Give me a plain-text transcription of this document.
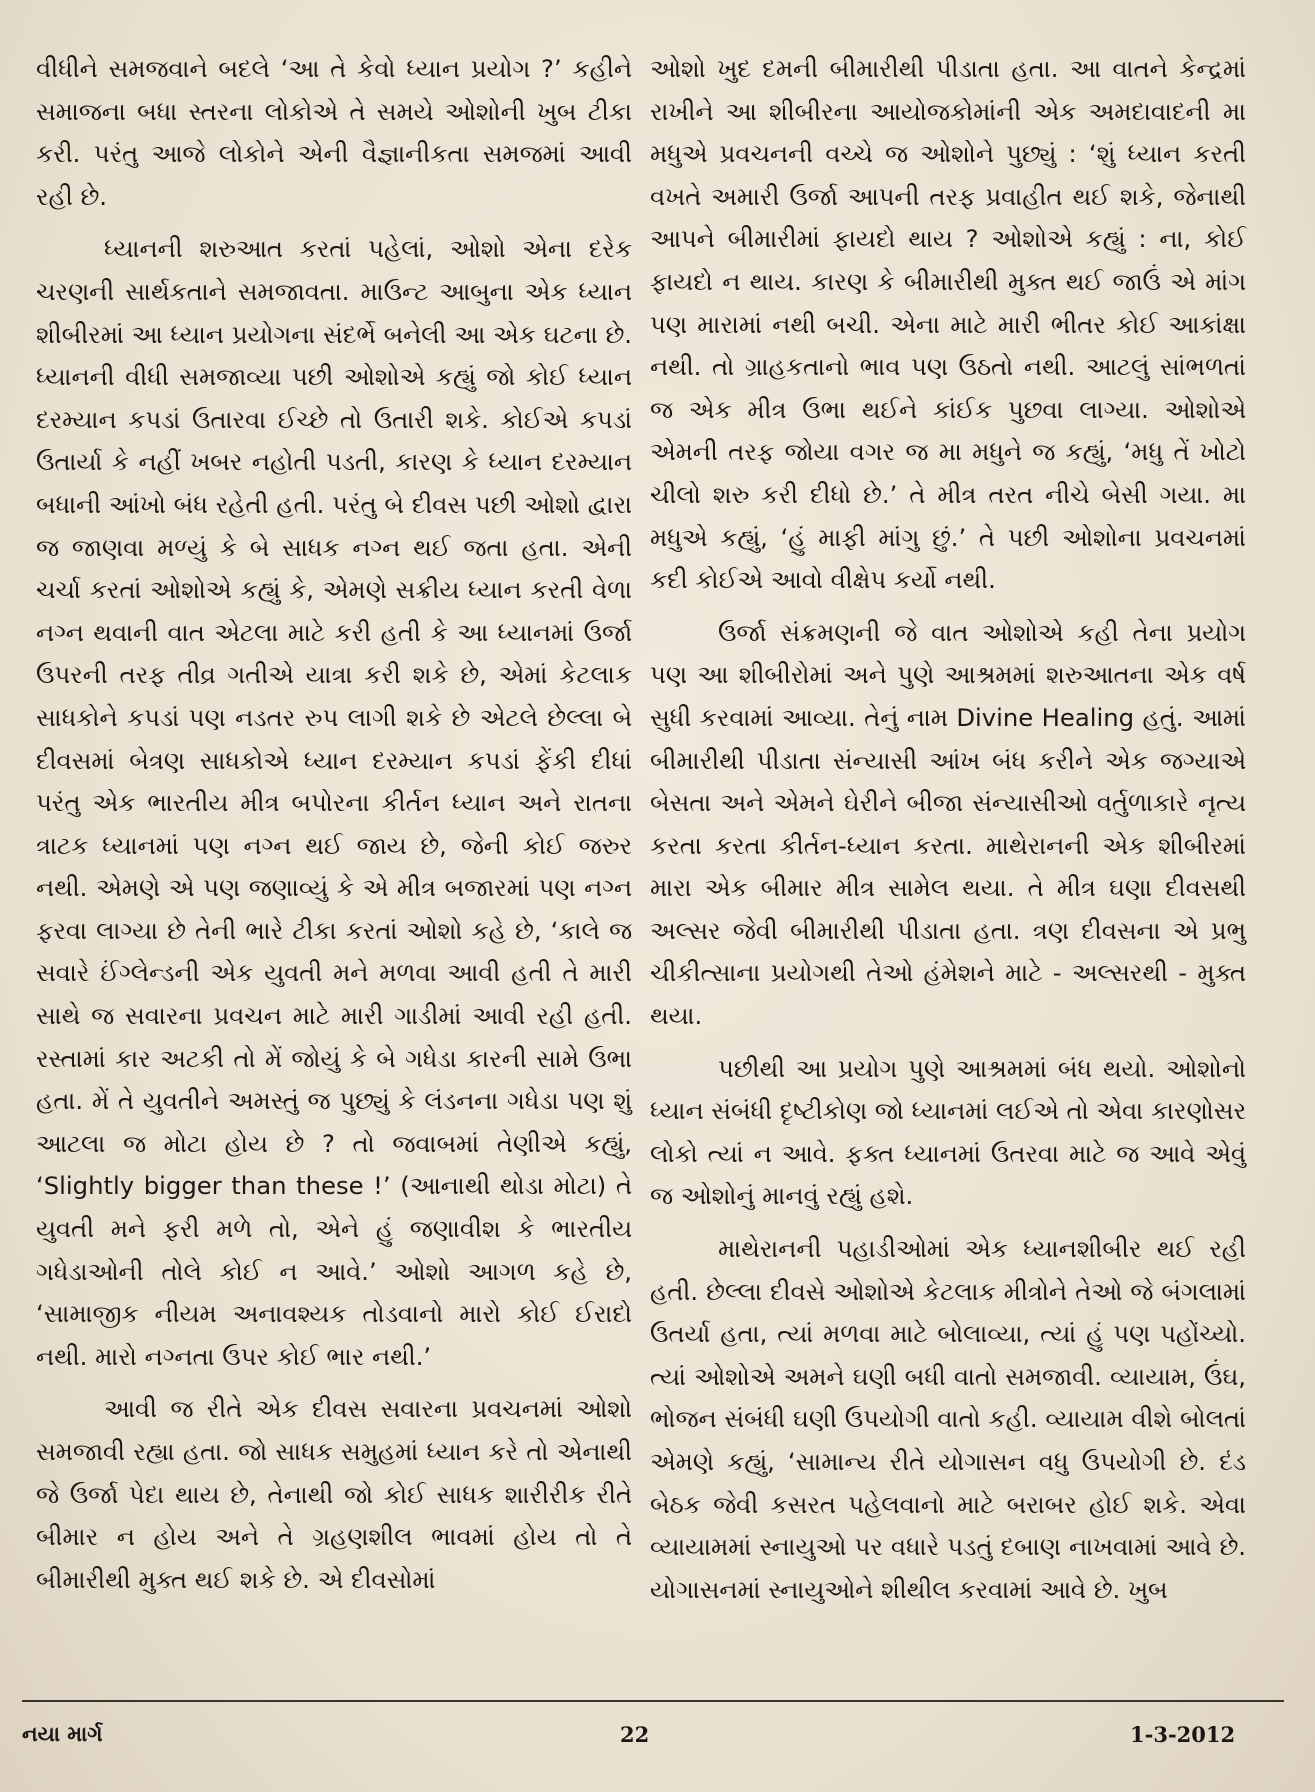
વીધીને સમજવાને બદલે ‘આ તે કેવો ધ્યાન પ્રયોગ ?’ કહીને સમાજના બધા સ્તરના લોકોએ તે સમયે ઓશોની ખુબ ટીકા કરી. પરંતુ આજે લોકોને એની વૈજ્ઞાનીકતા સમજમાં આવી રહી છે.

ધ્યાનની શરુઆત કરતાં પહેલાં, ઓશો એના દરેક ચરણની સાર્થકતાને સમજાવતા. માઉન્ટ આબુના એક ધ્યાન શીબીરમાં આ ધ્યાન પ્રયોગના સંદર્ભે બનેલી આ એક ઘટના છે. ધ્યાનની વીધી સમજાવ્યા પછી ઓશોએ કહ્યું જો કોઈ ધ્યાન દરમ્યાન કપડાં ઉતારવા ઈચ્છે તો ઉતારી શકે. કોઈએ કપડાં ઉતાર્યા કે નહીં ખબર નહોતી પડતી, કારણ કે ધ્યાન દરમ્યાન બધાની આંખો બંધ રહેતી હતી. પરંતુ બે દીવસ પછી ઓશો દ્વારા જ જાણવા મળ્યું કે બે સાધક નગ્ન થઈ જતા હતા. એની ચર્ચા કરતાં ઓશોએ કહ્યું કે, એમણે સક્રીય ધ્યાન કરતી વેળા નગ્ન થવાની વાત એટલા માટે કરી હતી કે આ ધ્યાનમાં ઉર્જા ઉપરની તરફ તીવ્ર ગતીએ યાત્રા કરી શકે છે, એમાં કેટલાક સાધકોને કપડાં પણ નડતર રુપ લાગી શકે છે એટલે છેલ્લા બે દીવસમાં બેત્રણ સાધકોએ ધ્યાન દરમ્યાન કપડાં ફેંકી દીધાં પરંતુ એક ભારતીય મીત્ર બપોરના કીર્તન ધ્યાન અને રાતના ત્રાટક ધ્યાનમાં પણ નગ્ન થઈ જાય છે, જેની કોઈ જરુર નથી. એમણે એ પણ જણાવ્યું કે એ મીત્ર બજારમાં પણ નગ્ન ફરવા લાગ્યા છે તેની ભારે ટીકા કરતાં ઓશો કહે છે, ‘કાલે જ સવારે ઈંગ્લેન્ડની એક યુવતી મને મળવા આવી હતી તે મારી સાથે જ સવારના પ્રવચન માટે મારી ગાડીમાં આવી રહી હતી. રસ્તામાં કાર અટકી તો મેં જોયું કે બે ગધેડા કારની સામે ઉભા હતા. મેં તે યુવતીને અમસ્તું જ પુછ્યું કે લંડનના ગધેડા પણ શું આટલા જ મોટા હોય છે ? તો જવાબમાં તેણીએ કહ્યું, ‘Slightly bigger than these !’ (આનાથી થોડા મોટા) તે યુવતી મને ફરી મળે તો, એને હું જણાવીશ કે ભારતીય ગધેડાઓની તોલે કોઈ ન આવે.’ ઓશો આગળ કહે છે, ‘સામાજીક નીયમ અનાવશ્યક તોડવાનો મારો કોઈ ઈરાદો નથી. મારો નગ્નતા ઉપર કોઈ ભાર નથી.’

આવી જ રીતે એક દીવસ સવારના પ્રવચનમાં ઓશો સમજાવી રહ્યા હતા. જો સાધક સમુહમાં ધ્યાન કરે તો એનાથી જે ઉર્જા પેદા થાય છે, તેનાથી જો કોઈ સાધક શારીરીક રીતે બીમાર ન હોય અને તે ગ્રહણશીલ ભાવમાં હોય તો તે બીમારીથી મુક્ત થઈ શકે છે. એ દીવસોમાં

ઓશો ખુદ દમની બીમારીથી પીડાતા હતા. આ વાતને કેન્દ્રમાં રાખીને આ શીબીરના આયોજકોમાંની એક અમદાવાદની મા મધુએ પ્રવચનની વચ્ચે જ ઓશોને પુછ્યું : ‘શું ધ્યાન કરતી વખતે અમારી ઉર્જા આપની તરફ પ્રવાહીત થઈ શકે, જેનાથી આપને બીમારીમાં ફાયદો થાય ? ઓશોએ કહ્યું : ના, કોઈ ફાયદો ન થાય. કારણ કે બીમારીથી મુક્ત થઈ જાઉં એ માંગ પણ મારામાં નથી બચી. એના માટે મારી ભીતર કોઈ આકાંક્ષા નથી. તો ગ્રાહકતાનો ભાવ પણ ઉઠતો નથી. આટલું સાંભળતાં જ એક મીત્ર ઉભા થઈને કાંઈક પુછવા લાગ્યા. ઓશોએ એમની તરફ જોયા વગર જ મા મધુને જ કહ્યું, ‘મધુ તેં ખોટો ચીલો શરુ કરી દીધો છે.’ તે મીત્ર તરત નીચે બેસી ગયા. મા મધુએ કહ્યું, ‘હું માફી માંગુ છું.’ તે પછી ઓશોના પ્રવચનમાં કદી કોઈએ આવો વીક્ષેપ કર્યો નથી.

ઉર્જા સંક્રમણની જે વાત ઓશોએ કહી તેના પ્રયોગ પણ આ શીબીરોમાં અને પુણે આશ્રમમાં શરુઆતના એક વર્ષ સુધી કરવામાં આવ્યા. તેનું નામ Divine Healing હતું. આમાં બીમારીથી પીડાતા સંન્યાસી આંખ બંધ કરીને એક જગ્યાએ બેસતા અને એમને ઘેરીને બીજા સંન્યાસીઓ વર્તુળાકારે નૃત્ય કરતા કરતા કીર્તન-ધ્યાન કરતા. માથેરાનની એક શીબીરમાં મારા એક બીમાર મીત્ર સામેલ થયા. તે મીત્ર ઘણા દીવસથી અલ્સર જેવી બીમારીથી પીડાતા હતા. ત્રણ દીવસના એ પ્રભુ ચીકીત્સાના પ્રયોગથી તેઓ હંમેશને માટે - અલ્સરથી - મુક્ત થયા.

પછીથી આ પ્રયોગ પુણે આશ્રમમાં બંધ થયો. ઓશોનો ધ્યાન સંબંધી દૃષ્ટીકોણ જો ધ્યાનમાં લઈએ તો એવા કારણોસર લોકો ત્યાં ન આવે. ફક્ત ધ્યાનમાં ઉતરવા માટે જ આવે એવું જ ઓશોનું માનવું રહ્યું હશે.

માથેરાનની પહાડીઓમાં એક ધ્યાનશીબીર થઈ રહી હતી. છેલ્લા દીવસે ઓશોએ કેટલાક મીત્રોને તેઓ જે બંગલામાં ઉતર્યા હતા, ત્યાં મળવા માટે બોલાવ્યા, ત્યાં હું પણ પહોંચ્યો. ત્યાં ઓશોએ અમને ઘણી બધી વાતો સમજાવી. વ્યાયામ, ઉંઘ, ભોજન સંબંધી ઘણી ઉપયોગી વાતો કહી. વ્યાયામ વીશે બોલતાં એમણે કહ્યું, ‘સામાન્ય રીતે યોગાસન વધુ ઉપયોગી છે. દંડ બેઠક જેવી કસરત પહેલવાનો માટે બરાબર હોઈ શકે. એવા વ્યાયામમાં સ્નાયુઓ પર વધારે પડતું દબાણ નાખવામાં આવે છે. યોગાસનમાં સ્નાયુઓને શીથીલ કરવામાં આવે છે. ખુબ

નયા માર્ગ	22	1-3-2012
